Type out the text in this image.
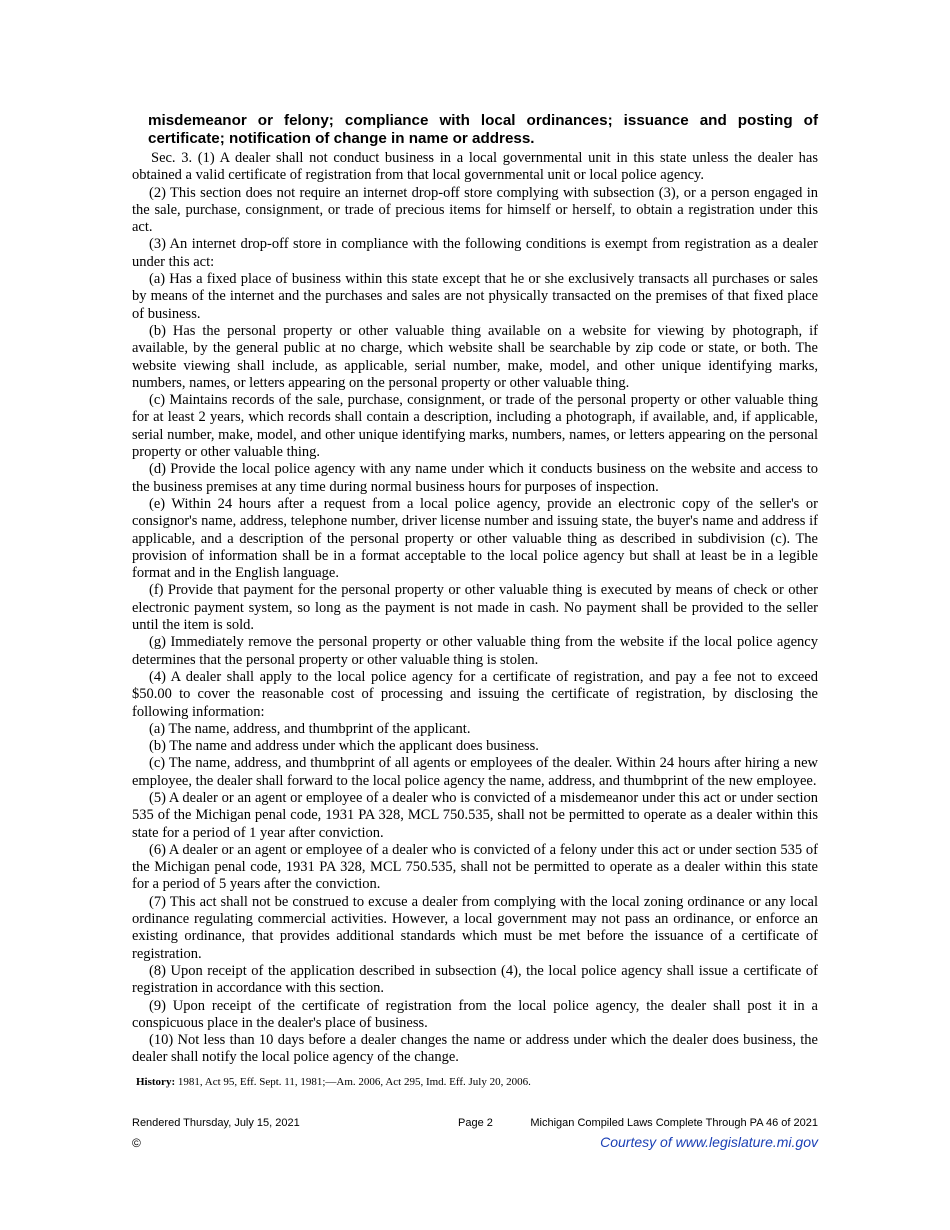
misdemeanor or felony; compliance with local ordinances; issuance and posting of certificate; notification of change in name or address.

Sec. 3. (1) A dealer shall not conduct business in a local governmental unit in this state unless the dealer has obtained a valid certificate of registration from that local governmental unit or local police agency.

(2) This section does not require an internet drop-off store complying with subsection (3), or a person engaged in the sale, purchase, consignment, or trade of precious items for himself or herself, to obtain a registration under this act.

(3) An internet drop-off store in compliance with the following conditions is exempt from registration as a dealer under this act:

(a) Has a fixed place of business within this state except that he or she exclusively transacts all purchases or sales by means of the internet and the purchases and sales are not physically transacted on the premises of that fixed place of business.

(b) Has the personal property or other valuable thing available on a website for viewing by photograph, if available, by the general public at no charge, which website shall be searchable by zip code or state, or both. The website viewing shall include, as applicable, serial number, make, model, and other unique identifying marks, numbers, names, or letters appearing on the personal property or other valuable thing.

(c) Maintains records of the sale, purchase, consignment, or trade of the personal property or other valuable thing for at least 2 years, which records shall contain a description, including a photograph, if available, and, if applicable, serial number, make, model, and other unique identifying marks, numbers, names, or letters appearing on the personal property or other valuable thing.

(d) Provide the local police agency with any name under which it conducts business on the website and access to the business premises at any time during normal business hours for purposes of inspection.

(e) Within 24 hours after a request from a local police agency, provide an electronic copy of the seller's or consignor's name, address, telephone number, driver license number and issuing state, the buyer's name and address if applicable, and a description of the personal property or other valuable thing as described in subdivision (c). The provision of information shall be in a format acceptable to the local police agency but shall at least be in a legible format and in the English language.

(f) Provide that payment for the personal property or other valuable thing is executed by means of check or other electronic payment system, so long as the payment is not made in cash. No payment shall be provided to the seller until the item is sold.

(g) Immediately remove the personal property or other valuable thing from the website if the local police agency determines that the personal property or other valuable thing is stolen.

(4) A dealer shall apply to the local police agency for a certificate of registration, and pay a fee not to exceed $50.00 to cover the reasonable cost of processing and issuing the certificate of registration, by disclosing the following information:

(a) The name, address, and thumbprint of the applicant.

(b) The name and address under which the applicant does business.

(c) The name, address, and thumbprint of all agents or employees of the dealer. Within 24 hours after hiring a new employee, the dealer shall forward to the local police agency the name, address, and thumbprint of the new employee.

(5) A dealer or an agent or employee of a dealer who is convicted of a misdemeanor under this act or under section 535 of the Michigan penal code, 1931 PA 328, MCL 750.535, shall not be permitted to operate as a dealer within this state for a period of 1 year after conviction.

(6) A dealer or an agent or employee of a dealer who is convicted of a felony under this act or under section 535 of the Michigan penal code, 1931 PA 328, MCL 750.535, shall not be permitted to operate as a dealer within this state for a period of 5 years after the conviction.

(7) This act shall not be construed to excuse a dealer from complying with the local zoning ordinance or any local ordinance regulating commercial activities. However, a local government may not pass an ordinance, or enforce an existing ordinance, that provides additional standards which must be met before the issuance of a certificate of registration.

(8) Upon receipt of the application described in subsection (4), the local police agency shall issue a certificate of registration in accordance with this section.

(9) Upon receipt of the certificate of registration from the local police agency, the dealer shall post it in a conspicuous place in the dealer's place of business.

(10) Not less than 10 days before a dealer changes the name or address under which the dealer does business, the dealer shall notify the local police agency of the change.

History: 1981, Act 95, Eff. Sept. 11, 1981;—Am. 2006, Act 295, Imd. Eff. July 20, 2006.
Rendered Thursday, July 15, 2021	Page 2	Michigan Compiled Laws Complete Through PA 46 of 2021
©	Courtesy of www.legislature.mi.gov
